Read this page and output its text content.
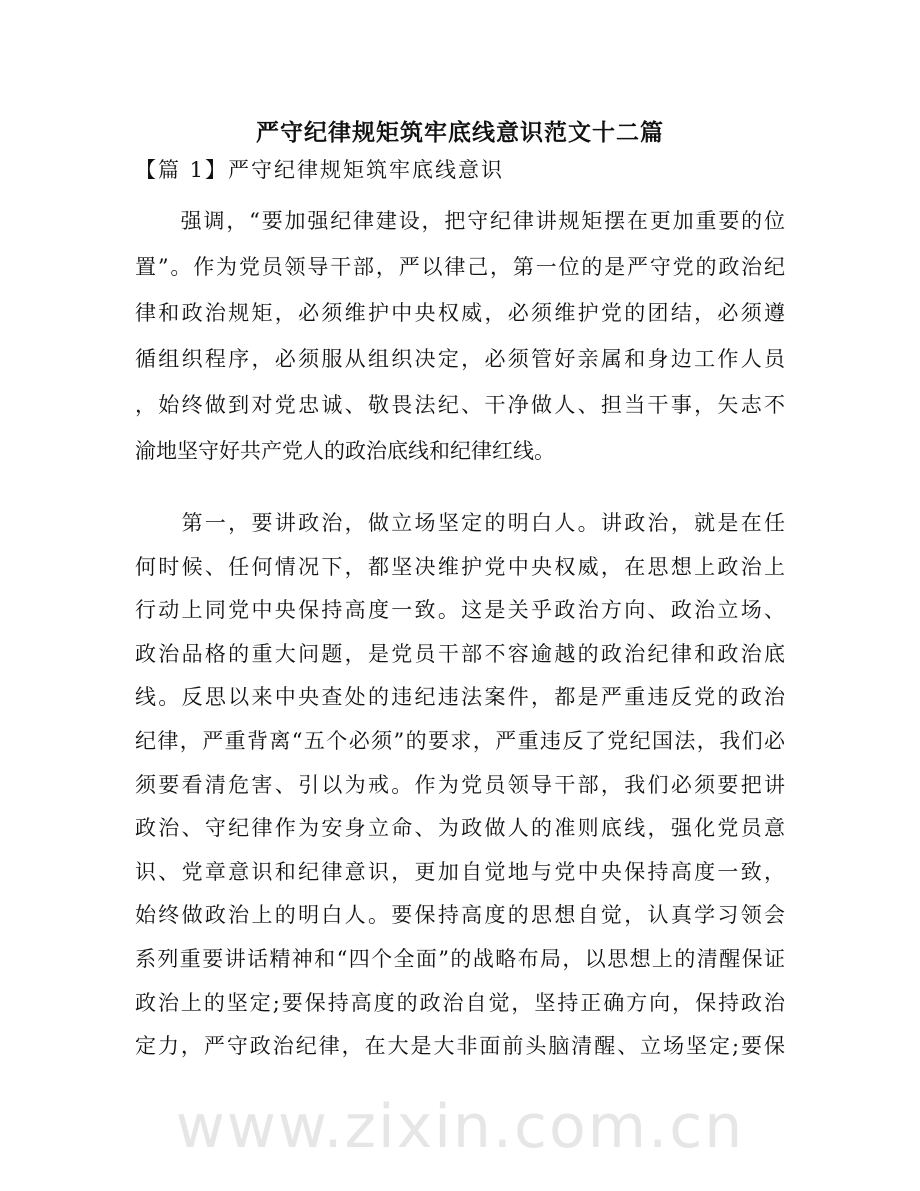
严守纪律规矩筑牢底线意识范文十二篇
【篇 1】严守纪律规矩筑牢底线意识
　　强调，“要加强纪律建设，把守纪律讲规矩摆在更加重要的位
置”。作为党员领导干部，严以律己，第一位的是严守党的政治纪
律和政治规矩，必须维护中央权威，必须维护党的团结，必须遵
循组织程序，必须服从组织决定，必须管好亲属和身边工作人员
，始终做到对党忠诚、敬畏法纪、干净做人、担当干事，矢志不
渝地坚守好共产党人的政治底线和纪律红线。
　　第一，要讲政治，做立场坚定的明白人。讲政治，就是在任
何时候、任何情况下，都坚决维护党中央权威，在思想上政治上
行动上同党中央保持高度一致。这是关乎政治方向、政治立场、
政治品格的重大问题，是党员干部不容逾越的政治纪律和政治底
线。反思以来中央查处的违纪违法案件，都是严重违反党的政治
纪律，严重背离“五个必须”的要求，严重违反了党纪国法，我们必
须要看清危害、引以为戒。作为党员领导干部，我们必须要把讲
政治、守纪律作为安身立命、为政做人的准则底线，强化党员意
识、党章意识和纪律意识，更加自觉地与党中央保持高度一致，
始终做政治上的明白人。要保持高度的思想自觉，认真学习领会
系列重要讲话精神和“四个全面”的战略布局，以思想上的清醒保证
政治上的坚定;要保持高度的政治自觉，坚持正确方向，保持政治
定力，严守政治纪律，在大是大非面前头脑清醒、立场坚定;要保
www.zixin.com.cn
